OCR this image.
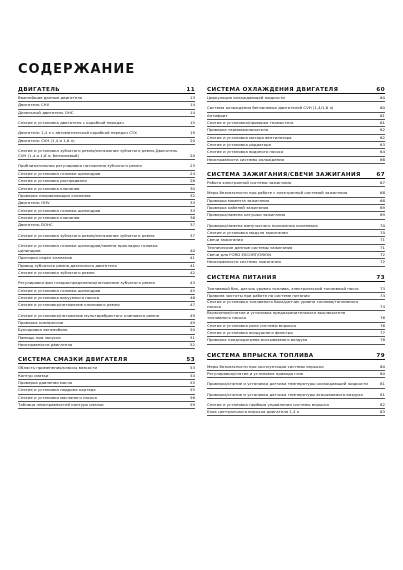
СОДЕРЖАНИЕ
ДВИГАТЕЛЬ	11
Важнейшие данные двигателя	13
Двигатель CHV	14
Дизельный двигатель OHC	14
Снятие и установка двигателя с коробкой передач	15
Двигатель 1,4 л с автоматической коробкой передач CTX	19
Двигатель CVH (1,4 и 1,6 л)	20
Снятие и установка зубчатого ремня/натяжение зубчатого ремня Двигатель CVH (1,4 и 1,6 л; бензиновый)	20
Приблизительная регулировка натяжения зубчатого ремня	23
Снятие и установка головки цилиндров	24
Снятие и установка распредвала	28
Снятие и установка клапанов	30
Проверка направляющих клапанов	32
Двигатель OHV	33
Снятие и установка головки цилиндров	33
Снятие и установка клапанов	36
Двигатель DOHC	37
Снятие и установка зубчатого ремня/натяжение зубчатого ремня	37
Снятие и установка головки цилиндров/замена прокладки головки цилиндров	40
Притирка седел клапанов	41
Привод зубчатого ремня дизельного двигателя	41
Снятие и установка зубчатого ремня	42
Регулировка фаз газораспределения/натяжение зубчатого ремня	43
Снятие и установка головки цилиндров	45
Снятие и установка вакуумного насоса	46
Снятие и установка/натяжение клинового ремня	47
Снятие и установка/натяжение мультиребристого клинового ремня	49
Проверка компрессии	49
Буксировка автомобиля	50
Помощь при запуске	51
Неисправности двигателя	52
СИСТЕМА СМАЗКИ ДВИГАТЕЛЯ	53
Область применения/классы вязкости	53
Контур смазки	54
Проверка давления масла	55
Снятие и установка поддона картера	55
Снятие и установка масляного насоса	56
Таблица неисправностей контура смазки	59
СИСТЕМА ОХЛАЖДЕНИЯ ДВИГАТЕЛЯ	60
Циркуляция охлаждающей жидкости	60
Система охлаждения бензиновых двигателей CVH (1,4/1,6 л)	60
Антифриз	61
Снятие и установка/проверка термостата	61
Проверка термовыключателя	62
Снятие и установка мотора вентилятора	62
Снятие и установка радиатора	63
Снятие и установка водяного насоса	64
Неисправности системы охлаждения	66
СИСТЕМА ЗАЖИГАНИЯ/СВЕЧИ ЗАЖИГАНИЯ	67
Работа электронной системы зажигания	67
Меры безопасности при работе с электронной системой зажигания	68
Проверка момента зажигания	68
Проверка кабелей зажигания	69
Проверка/замена катушки зажигания	69
Проверка/замена импульсного положения коленвала	70
Снятие и установка модуля зажигания	70
Свечи зажигания	71
Технические данные системы зажигания	71
Свечи для FORD ESCORT/ORION	72
Неисправности системы зажигания	72
СИСТЕМА ПИТАНИЯ	73
Топливный бак, датчик уровня топлива, электрический топливный насос	73
Правила чистоты при работе на системе питания	74
Снятие и установка топливного бака/датчик уровня топлива/топливного насоса	74
Включение/снятие и установка предохранительного выключателя топливного насоса	76
Снятие и установка реле системы впрыска	76
Снятие и установка воздушного фильтра	77
Проверка предподогрева всасываемого воздуха	78
СИСТЕМА ВПРЫСКА ТОПЛИВА	79
Меры безопасности при эксплуатации системы впрыска	80
Регулировка/снятие и установка привода газа	80
Проверка/снятие и установка датчика температуры охлаждающей жидкости	81
Проверка/снятие и установка датчика температуры всасываемого воздуха	81
Снятие и установка прибора управления системы впрыска	82
Блок центрального впрыска двигателя 1,4 л	83
